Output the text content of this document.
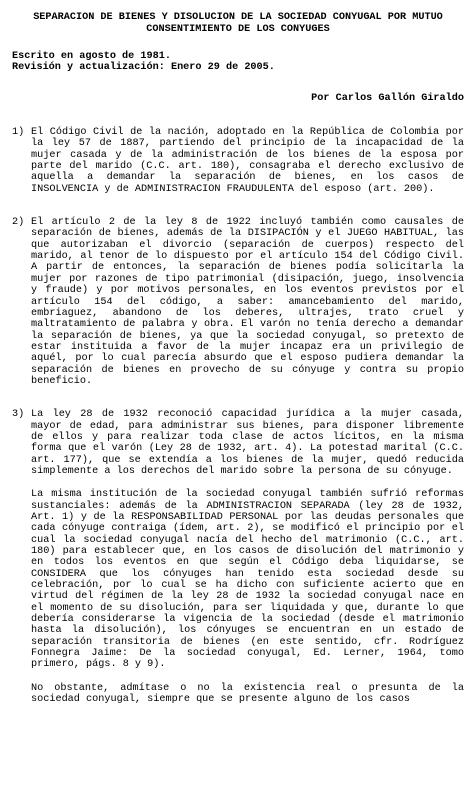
SEPARACION DE BIENES Y DISOLUCION DE LA SOCIEDAD CONYUGAL POR MUTUO CONSENTIMIENTO DE LOS CONYUGES

Escrito en agosto de 1981.

Revisión y actualización: Enero 29 de 2005.

Por Carlos Gallón Giraldo

1) El Código Civil de la nación, adoptado en la República de Colombia por la ley 57 de 1887, partiendo del principio de la incapacidad de la mujer casada y de la administración de los bienes de la esposa por parte del marido (C.C. art. 180), consagraba el derecho exclusivo de aquella a demandar la separación de bienes, en los casos de INSOLVENCIA y de ADMINISTRACION FRAUDULENTA del esposo (art. 200).

2) El artículo 2 de la ley 8 de 1922 incluyó también como causales de separación de bienes, además de la DISIPACIÓN y el JUEGO HABITUAL, las que autorizaban el divorcio (separación de cuerpos) respecto del marido, al tenor de lo dispuesto por el artículo 154 del Código Civil. A partir de entonces, la separación de bienes podía solicitarla la mujer por razones de tipo patrimonial (disipación, juego, insolvencia y fraude) y por motivos personales, en los eventos previstos por el artículo 154 del código, a saber: amancebamiento del marido, embriaguez, abandono de los deberes, ultrajes, trato cruel y maltratamiento de palabra y obra. El varón no tenía derecho a demandar la separación de bienes, ya que la sociedad conyugal, so pretexto de estar instituida a favor de la mujer incapaz era un privilegio de aquél, por lo cual parecía absurdo que el esposo pudiera demandar la separación de bienes en provecho de su cónyuge y contra su propio beneficio.

3) La ley 28 de 1932 reconoció capacidad jurídica a la mujer casada, mayor de edad, para administrar sus bienes, para disponer libremente de ellos y para realizar toda clase de actos lícitos, en la misma forma que el varón (Ley 28 de 1932, art. 4). La potestad marital (C.C. art. 177), que se extendía a los bienes de la mujer, quedó reducida simplemente a los derechos del marido sobre la persona de su cónyuge.

La misma institución de la sociedad conyugal también sufrió reformas sustanciales: además de la ADMINISTRACION SEPARADA (ley 28 de 1932, Art. 1) y de la RESPONSABILIDAD PERSONAL por las deudas personales que cada cónyuge contraiga (ídem, art. 2), se modificó el principio por el cual la sociedad conyugal nacía del hecho del matrimonio (C.C., art. 180) para establecer que, en los casos de disolución del matrimonio y en todos los eventos en que según el Código deba liquidarse, se CONSIDERA que los cónyuges han tenido esta sociedad desde su celebración, por lo cual se ha dicho con suficiente acierto que en virtud del régimen de la ley 28 de 1932 la sociedad conyugal nace en el momento de su disolución, para ser liquidada y que, durante lo que debería considerarse la vigencia de la sociedad (desde el matrimonio hasta la disolución), los cónyuges se encuentran en un estado de separación transitoria de bienes (en este sentido, cfr. Rodríguez Fonnegra Jaime: De la sociedad conyugal, Ed. Lerner, 1964, tomo primero, págs. 8 y 9).

No obstante, admítase o no la existencia real o presunta de la sociedad conyugal, siempre que se presente alguno de los casos
